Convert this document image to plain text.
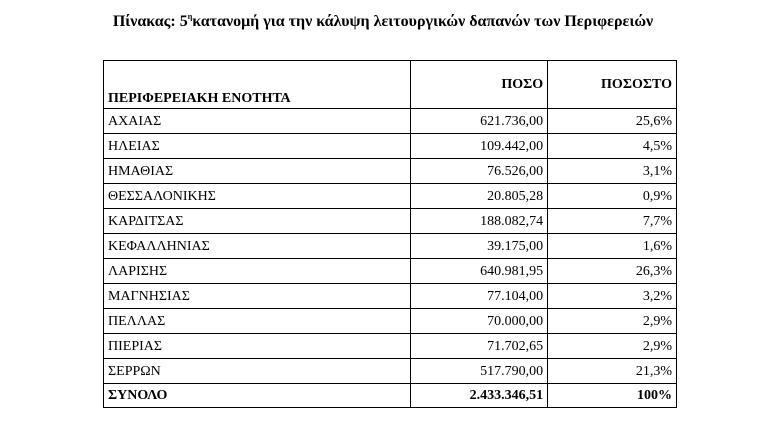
Πίνακας: $5^\eta\kappa\alpha\tau\alpha\nu o\mu ή$ για την κάλυψη λειτουργικών δαπανών των Περιφερειών
ΠΕΡΙΦΕΡΕΙΑΚΗ ΕΝΟΤΗΤΑ	ΠΟΣΟ	ΠΟΣΟΣΤΟ
ΑΧΑΙΑΣ	621.736,00	25,6%
ΗΛΕΙΑΣ	109.442,00	4,5%
ΗΜΑΘΙΑΣ	76.526,00	3,1%
ΘΕΣΣΑΛΟΝΙΚΗΣ	20.805,28	0,9%
ΚΑΡΔΙΤΣΑΣ	188.082,74	7,7%
ΚΕΦΑΛΛΗΝΙΑΣ	39.175,00	1,6%
ΛΑΡΙΣΗΣ	640.981,95	26,3%
ΜΑΓΝΗΣΙΑΣ	77.104,00	3,2%
ΠΕΛΛΑΣ	70.000,00	2,9%
ΠΙΕΡΙΑΣ	71.702,65	2,9%
ΣΕΡΡΩΝ	517.790,00	21,3%
ΣΥΝΟΛΟ	2.433.346,51	100%
